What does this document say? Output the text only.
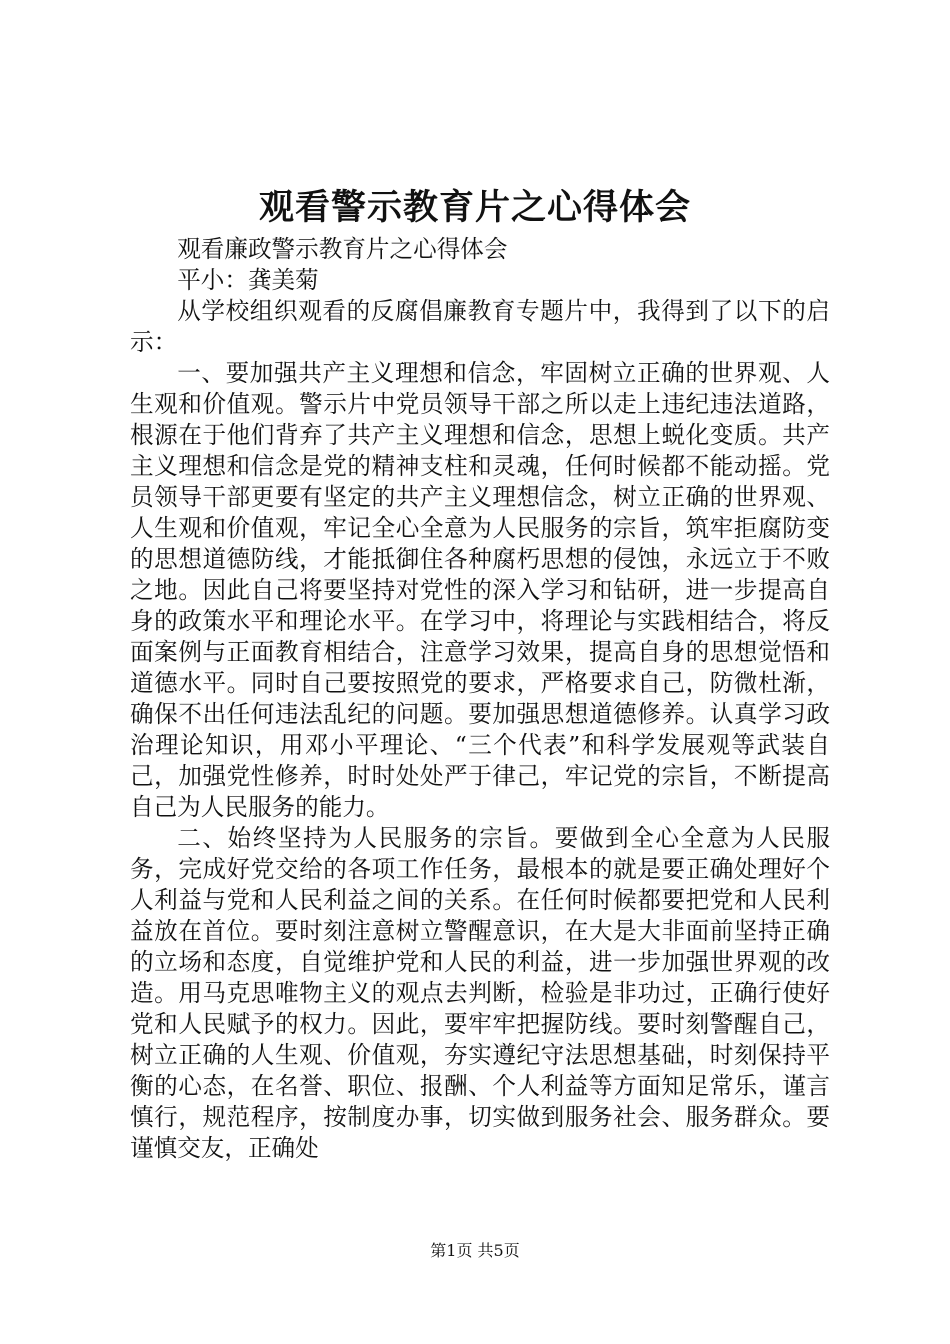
观看警示教育片之心得体会

观看廉政警示教育片之心得体会

平小：龚美菊

从学校组织观看的反腐倡廉教育专题片中，我得到了以下的启示：

一、要加强共产主义理想和信念，牢固树立正确的世界观、人生观和价值观。警示片中党员领导干部之所以走上违纪违法道路，根源在于他们背弃了共产主义理想和信念，思想上蜕化变质。共产主义理想和信念是党的精神支柱和灵魂，任何时候都不能动摇。党员领导干部更要有坚定的共产主义理想信念，树立正确的世界观、人生观和价值观，牢记全心全意为人民服务的宗旨，筑牢拒腐防变的思想道德防线，才能抵御住各种腐朽思想的侵蚀，永远立于不败之地。因此自己将要坚持对党性的深入学习和钻研，进一步提高自身的政策水平和理论水平。在学习中，将理论与实践相结合，将反面案例与正面教育相结合，注意学习效果，提高自身的思想觉悟和道德水平。同时自己要按照党的要求，严格要求自己，防微杜渐，确保不出任何违法乱纪的问题。要加强思想道德修养。认真学习政治理论知识，用邓小平理论、“三个代表”和科学发展观等武装自己，加强党性修养，时时处处严于律己，牢记党的宗旨，不断提高自己为人民服务的能力。

二、始终坚持为人民服务的宗旨。要做到全心全意为人民服务，完成好党交给的各项工作任务，最根本的就是要正确处理好个人利益与党和人民利益之间的关系。在任何时候都要把党和人民利益放在首位。要时刻注意树立警醒意识，在大是大非面前坚持正确的立场和态度，自觉维护党和人民的利益，进一步加强世界观的改造。用马克思唯物主义的观点去判断，检验是非功过，正确行使好党和人民赋予的权力。因此，要牢牢把握防线。要时刻警醒自己，树立正确的人生观、价值观，夯实遵纪守法思想基础，时刻保持平衡的心态，在名誉、职位、报酬、个人利益等方面知足常乐，谨言慎行，规范程序，按制度办事，切实做到服务社会、服务群众。要谨慎交友，正确处

第1页 共5页
